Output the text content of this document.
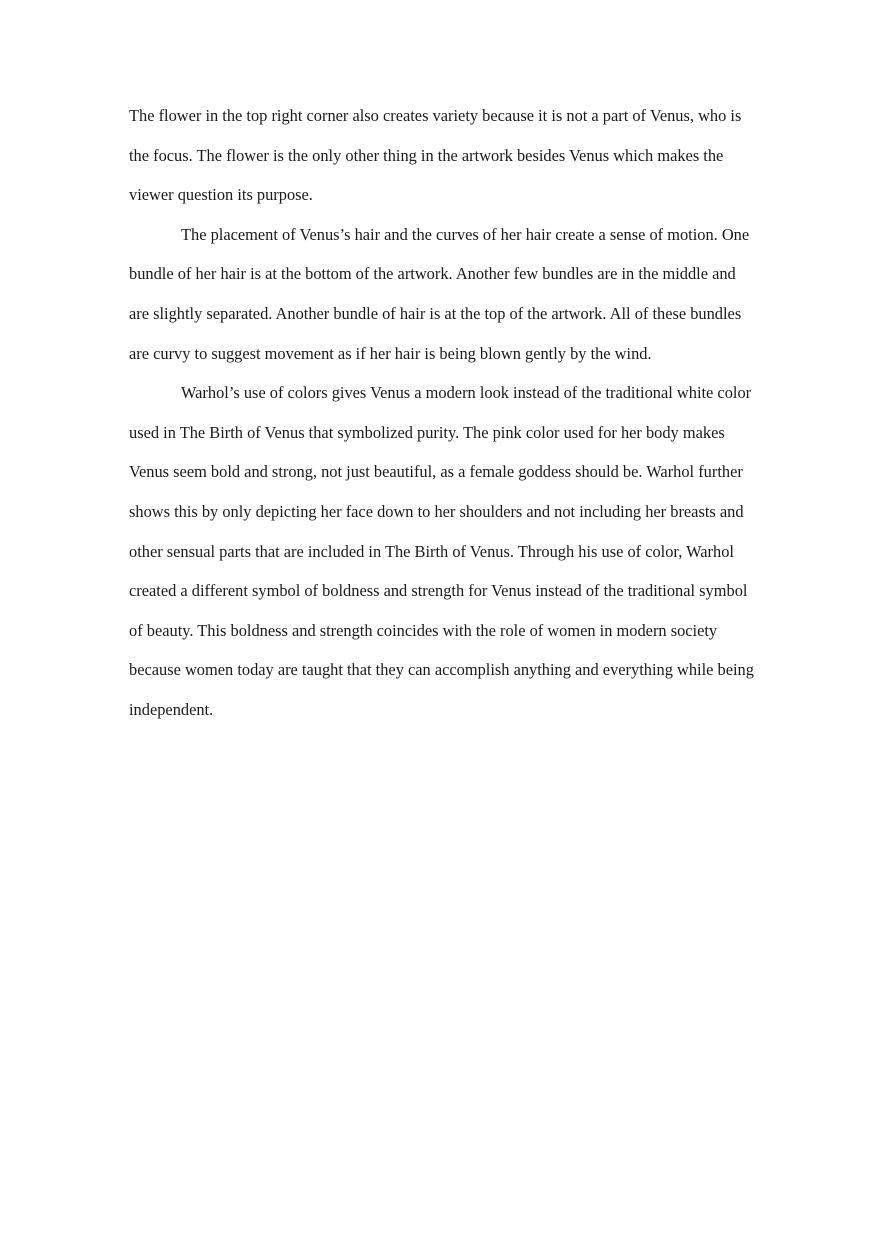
The flower in the top right corner also creates variety because it is not a part of Venus, who is the focus. The flower is the only other thing in the artwork besides Venus which makes the viewer question its purpose.

The placement of Venus’s hair and the curves of her hair create a sense of motion. One bundle of her hair is at the bottom of the artwork. Another few bundles are in the middle and are slightly separated. Another bundle of hair is at the top of the artwork. All of these bundles are curvy to suggest movement as if her hair is being blown gently by the wind.

Warhol’s use of colors gives Venus a modern look instead of the traditional white color used in The Birth of Venus that symbolized purity. The pink color used for her body makes Venus seem bold and strong, not just beautiful, as a female goddess should be. Warhol further shows this by only depicting her face down to her shoulders and not including her breasts and other sensual parts that are included in The Birth of Venus. Through his use of color, Warhol created a different symbol of boldness and strength for Venus instead of the traditional symbol of beauty. This boldness and strength coincides with the role of women in modern society because women today are taught that they can accomplish anything and everything while being independent.
